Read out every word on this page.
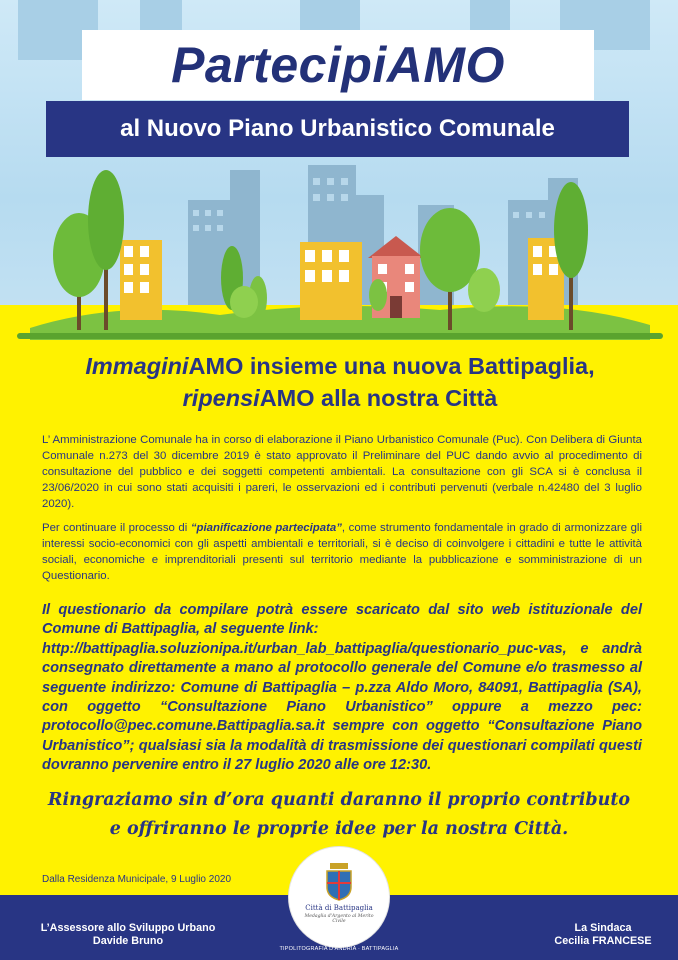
PartecipiAMO
al Nuovo Piano Urbanistico Comunale
ImmaginiAMO insieme una nuova Battipaglia,
ripensiAMO alla nostra Città
L’ Amministrazione Comunale ha in corso di elaborazione il Piano Urbanistico Comunale (Puc). Con Delibera di Giunta Comunale n.273 del 30 dicembre 2019 è stato approvato il Preliminare del PUC dando avvio al procedimento di consultazione del pubblico e dei soggetti competenti ambientali. La consultazione con gli SCA si è conclusa il 23/06/2020 in cui sono stati acquisiti i pareri, le osservazioni ed i contributi pervenuti (verbale n.42480 del 3 luglio 2020).
Per continuare il processo di “pianificazione partecipata”, come strumento fondamentale in grado di armonizzare gli interessi socio-economici con gli aspetti ambientali e territoriali, si è deciso di coinvolgere i cittadini e tutte le attività sociali, economiche e imprenditoriali presenti sul territorio mediante la pubblicazione e somministrazione di un Questionario.
Il questionario da compilare potrà essere scaricato dal sito web istituzionale del Comune di Battipaglia, al seguente link:
http://battipaglia.soluzionipa.it/urban_lab_battipaglia/questionario_puc-vas, e andrà consegnato direttamente a mano al protocollo generale del Comune e/o trasmesso al seguente indirizzo: Comune di Battipaglia – p.zza Aldo Moro, 84091, Battipaglia (SA), con oggetto “Consultazione Piano Urbanistico” oppure a mezzo pec: protocollo@pec.comune.Battipaglia.sa.it sempre con oggetto “Consultazione Piano Urbanistico”; qualsiasi sia la modalità di trasmissione dei questionari compilati questi dovranno pervenire entro il 27 luglio 2020 alle ore 12:30.
Ringraziamo sin d’ora quanti daranno il proprio contributo
e offriranno le proprie idee per la nostra Città.
Dalla Residenza Municipale, 9 Luglio 2020
Città di Battipaglia
Medaglia d'Argento al Merito Civile
L’Assessore allo Sviluppo Urbano
Davide Bruno
La Sindaca
Cecilia FRANCESE
TIPOLITOGRAFIA D'ANDRIA · BATTIPAGLIA
